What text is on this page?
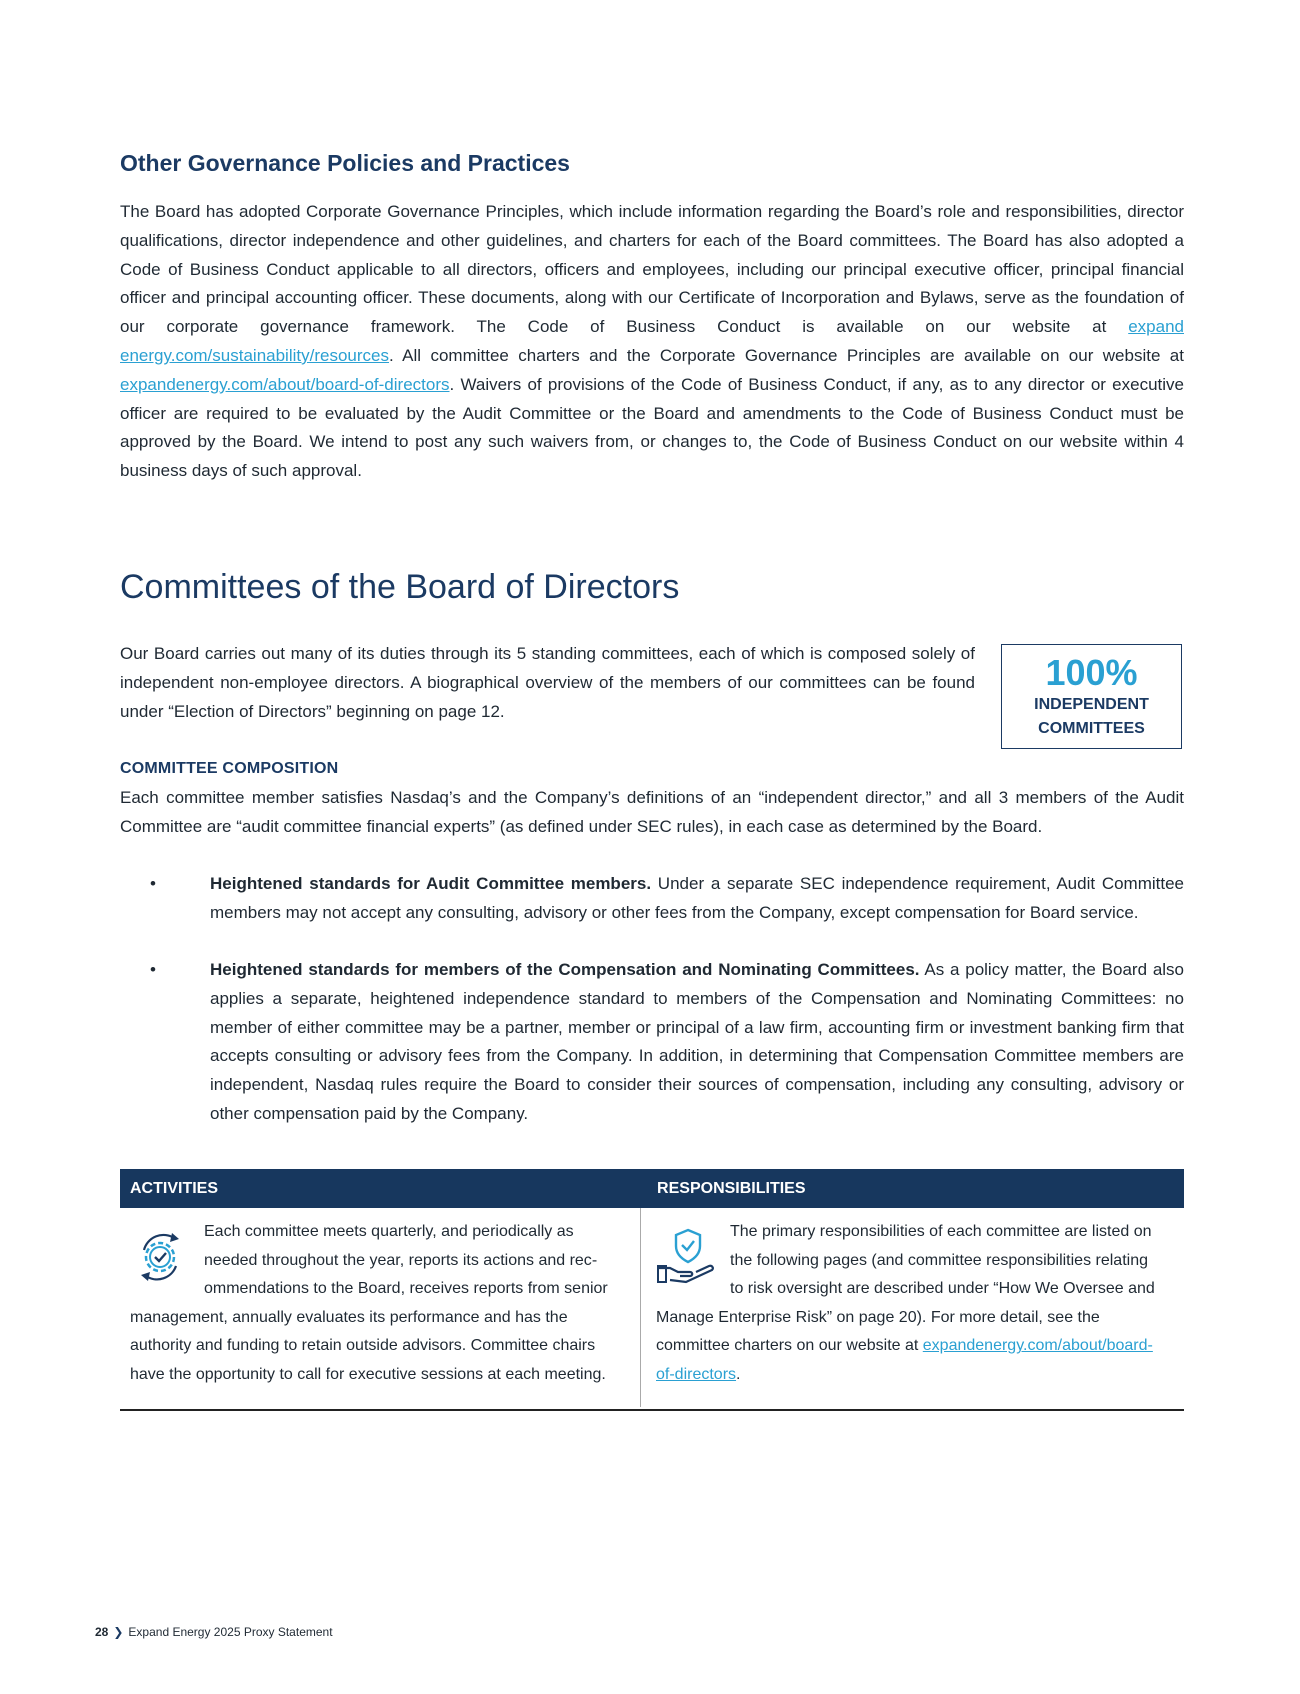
Other Governance Policies and Practices

The Board has adopted Corporate Governance Principles, which include information regarding the Board’s role and responsibilities, director qualifications, director independence and other guidelines, and charters for each of the Board committees. The Board has also adopted a Code of Business Conduct applicable to all directors, officers and employees, including our principal executive officer, principal financial officer and principal accounting officer. These documents, along with our Certificate of Incorporation and Bylaws, serve as the foundation of our corporate governance framework. The Code of Business Conduct is available on our website at expand energy.com/sustainability/resources. All committee charters and the Corporate Governance Principles are available on our website at expandenergy.com/about/board-of-directors. Waivers of provisions of the Code of Business Conduct, if any, as to any director or executive officer are required to be evaluated by the Audit Committee or the Board and amendments to the Code of Business Conduct must be approved by the Board. We intend to post any such waivers from, or changes to, the Code of Business Conduct on our website within 4 business days of such approval.

Committees of the Board of Directors

Our Board carries out many of its duties through its 5 standing committees, each of which is composed solely of independent non-employee directors. A biographical overview of the members of our committees can be found under “Election of Directors” beginning on page 12.

100%
INDEPENDENT
COMMITTEES
COMMITTEE COMPOSITION

Each committee member satisfies Nasdaq’s and the Company’s definitions of an “independent director,” and all 3 members of the Audit Committee are “audit committee financial experts” (as defined under SEC rules), in each case as determined by the Board.

•	Heightened standards for Audit Committee members. Under a separate SEC independence requirement, Audit Committee members may not accept any consulting, advisory or other fees from the Company, except compensation for Board service.

•	Heightened standards for members of the Compensation and Nominating Committees. As a policy matter, the Board also applies a separate, heightened independence standard to members of the Compensation and Nominating Committees: no member of either committee may be a partner, member or principal of a law firm, accounting firm or investment banking firm that accepts consulting or advisory fees from the Company. In addition, in determining that Compensation Committee members are independent, Nasdaq rules require the Board to consider their sources of compensation, including any consulting, advisory or other compensation paid by the Company.

ACTIVITIES	RESPONSIBILITIES
Each committee meets quarterly, and periodically as needed throughout the year, reports its actions and recommendations to the Board, receives reports from senior management, annually evaluates its performance and has the authority and funding to retain outside advisors. Committee chairs have the opportunity to call for executive sessions at each meeting.
The primary responsibilities of each committee are listed on the following pages (and committee responsibilities relating to risk oversight are described under “How We Oversee and Manage Enterprise Risk” on page 20). For more detail, see the committee charters on our website at expandenergy.com/about/board-of-directors.
28 ❯ Expand Energy 2025 Proxy Statement
